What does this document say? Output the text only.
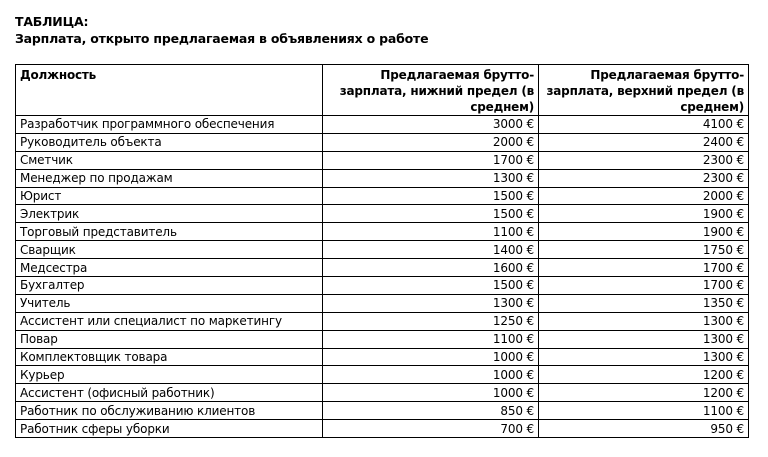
ТАБЛИЦА:
Зарплата, открыто предлагаемая в объявлениях о работе
Должность	Предлагаемая брутто-зарплата, нижний предел (в среднем)	Предлагаемая брутто-зарплата, верхний предел (в среднем)
Разработчик программного обеспечения	3000 €	4100 €
Руководитель объекта	2000 €	2400 €
Сметчик	1700 €	2300 €
Менеджер по продажам	1300 €	2300 €
Юрист	1500 €	2000 €
Электрик	1500 €	1900 €
Торговый представитель	1100 €	1900 €
Сварщик	1400 €	1750 €
Медсестра	1600 €	1700 €
Бухгалтер	1500 €	1700 €
Учитель	1300 €	1350 €
Ассистент или специалист по маркетингу	1250 €	1300 €
Повар	1100 €	1300 €
Комплектовщик товара	1000 €	1300 €
Курьер	1000 €	1200 €
Ассистент (офисный работник)	1000 €	1200 €
Работник по обслуживанию клиентов	850 €	1100 €
Работник сферы уборки	700 €	950 €
